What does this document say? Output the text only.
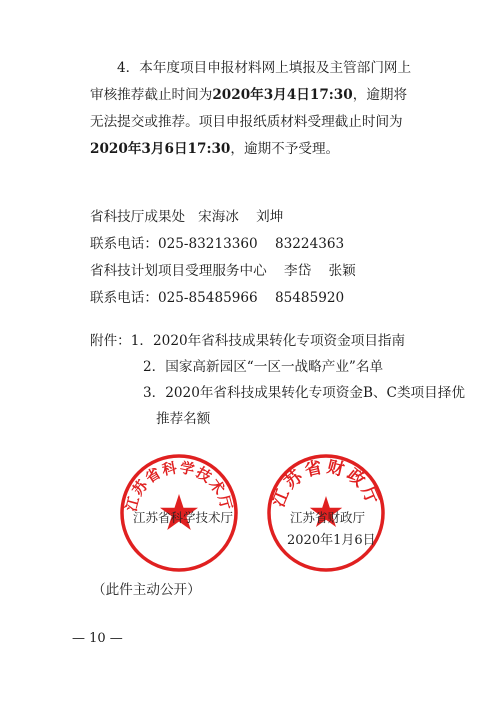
4．本年度项目申报材料网上填报及主管部门网上审核推荐截止时间为2020年3月4日17:30，逾期将无法提交或推荐。项目申报纸质材料受理截止时间为2020年3月6日17:30，逾期不予受理。

省科技厅成果处   宋海冰    刘坤
联系电话：025-83213360    83224363
省科技计划项目受理服务中心    李岱    张颖
联系电话：025-85485966    85485920
附件：1．2020年省科技成果转化专项资金项目指南
2．国家高新园区“一区一战略产业”名单
3．2020年省科技成果转化专项资金B、C类项目择优
推荐名额
江苏省科学技术厅
江苏省科学技术厅
江苏省财政厅
江苏省财政厅
2020年1月6日
（此件主动公开）
— 10 —
